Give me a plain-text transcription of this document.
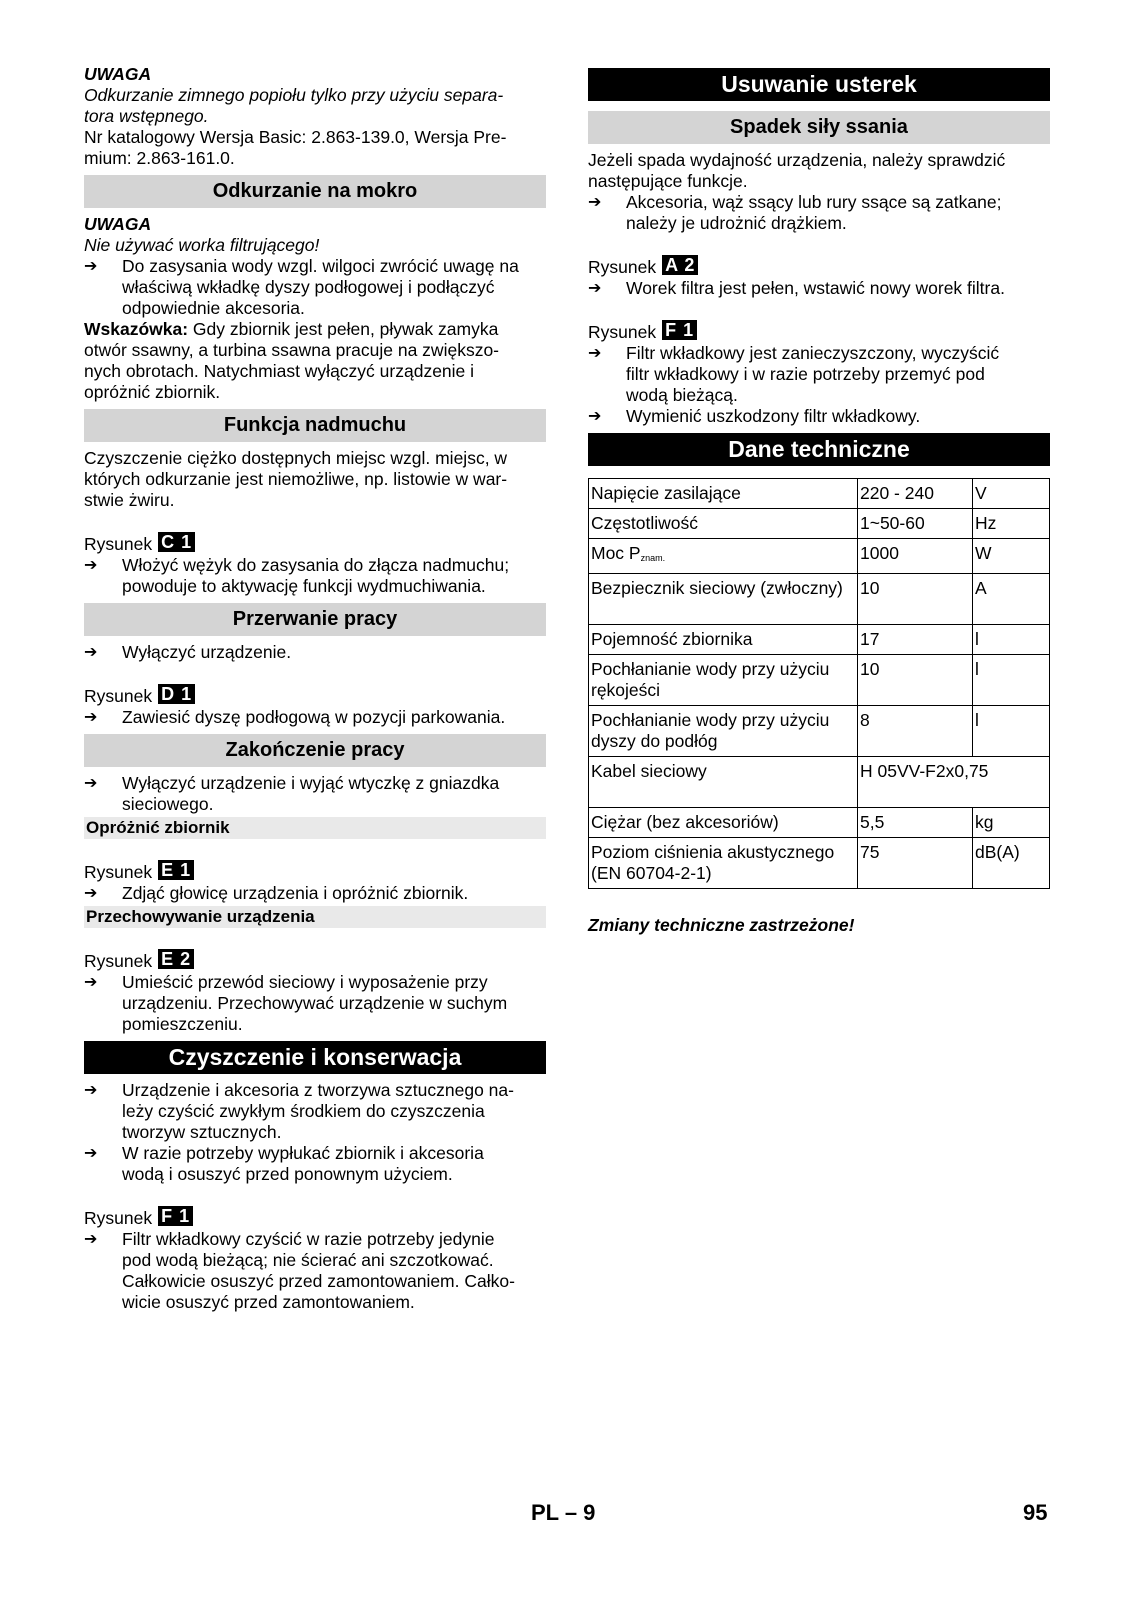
UWAGA

Odkurzanie zimnego popiołu tylko przy użyciu separa-

tora wstępnego.

Nr katalogowy Wersja Basic: 2.863-139.0, Wersja Pre-

mium: 2.863-161.0.

Odkurzanie na mokro

UWAGA

Nie używać worka filtrującego!

➔	Do zasysania wody wzgl. wilgoci zwrócić uwagę na

właściwą wkładkę dyszy podłogowej i podłączyć

odpowiednie akcesoria.

Wskazówka: Gdy zbiornik jest pełen, pływak zamyka

otwór ssawny, a turbina ssawna pracuje na zwiększo-

nych obrotach. Natychmiast wyłączyć urządzenie i

opróżnić zbiornik.

Funkcja nadmuchu

Czyszczenie ciężko dostępnych miejsc wzgl. miejsc, w

których odkurzanie jest niemożliwe, np. listowie w war-

stwie żwiru.

Rysunek C 1

➔	Włożyć wężyk do zasysania do złącza nadmuchu;

powoduje to aktywację funkcji wydmuchiwania.

Przerwanie pracy
➔	Wyłączyć urządzenie.

Rysunek D 1

➔	Zawiesić dyszę podłogową w pozycji parkowania.

Zakończenie pracy
➔	Wyłączyć urządzenie i wyjąć wtyczkę z gniazdka

sieciowego.

Opróżnić zbiornik

Rysunek E 1

➔	Zdjąć głowicę urządzenia i opróżnić zbiornik.

Przechowywanie urządzenia

Rysunek E 2

➔	Umieścić przewód sieciowy i wyposażenie przy

urządzeniu. Przechowywać urządzenie w suchym

pomieszczeniu.

Czyszczenie i konserwacja
➔	Urządzenie i akcesoria z tworzywa sztucznego na-

leży czyścić zwykłym środkiem do czyszczenia

tworzyw sztucznych.

➔	W razie potrzeby wypłukać zbiornik i akcesoria

wodą i osuszyć przed ponownym użyciem.

Rysunek F 1

➔	Filtr wkładkowy czyścić w razie potrzeby jedynie

pod wodą bieżącą; nie ścierać ani szczotkować.

Całkowicie osuszyć przed zamontowaniem. Całko-

wicie osuszyć przed zamontowaniem.

Usuwanie usterek
Spadek siły ssania

Jeżeli spada wydajność urządzenia, należy sprawdzić

następujące funkcje.

➔	Akcesoria, wąż ssący lub rury ssące są zatkane;

należy je udrożnić drążkiem.

Rysunek A 2

➔	Worek filtra jest pełen, wstawić nowy worek filtra.

Rysunek F 1

➔	Filtr wkładkowy jest zanieczyszczony, wyczyścić

filtr wkładkowy i w razie potrzeby przemyć pod

wodą bieżącą.

➔	Wymienić uszkodzony filtr wkładkowy.

Dane techniczne
Napięcie zasilające	220 - 240	V
Częstotliwość	1~50-60	Hz
Moc $P_{znam.}$	1000	W
Bezpiecznik sieciowy (zwłoczny)	10	A
Pojemność zbiornika	17	l
Pochłanianie wody przy użyciu rękojeści	10	l
Pochłanianie wody przy użyciu dyszy do podłóg	8	l
Kabel sieciowy	H 05VV-F2x0,75	
Ciężar (bez akcesoriów)	5,5	kg
Poziom ciśnienia akustycznego (EN 60704-2-1)	75	dB(A)

Zmiany techniczne zastrzeżone!

PL – 9	95
